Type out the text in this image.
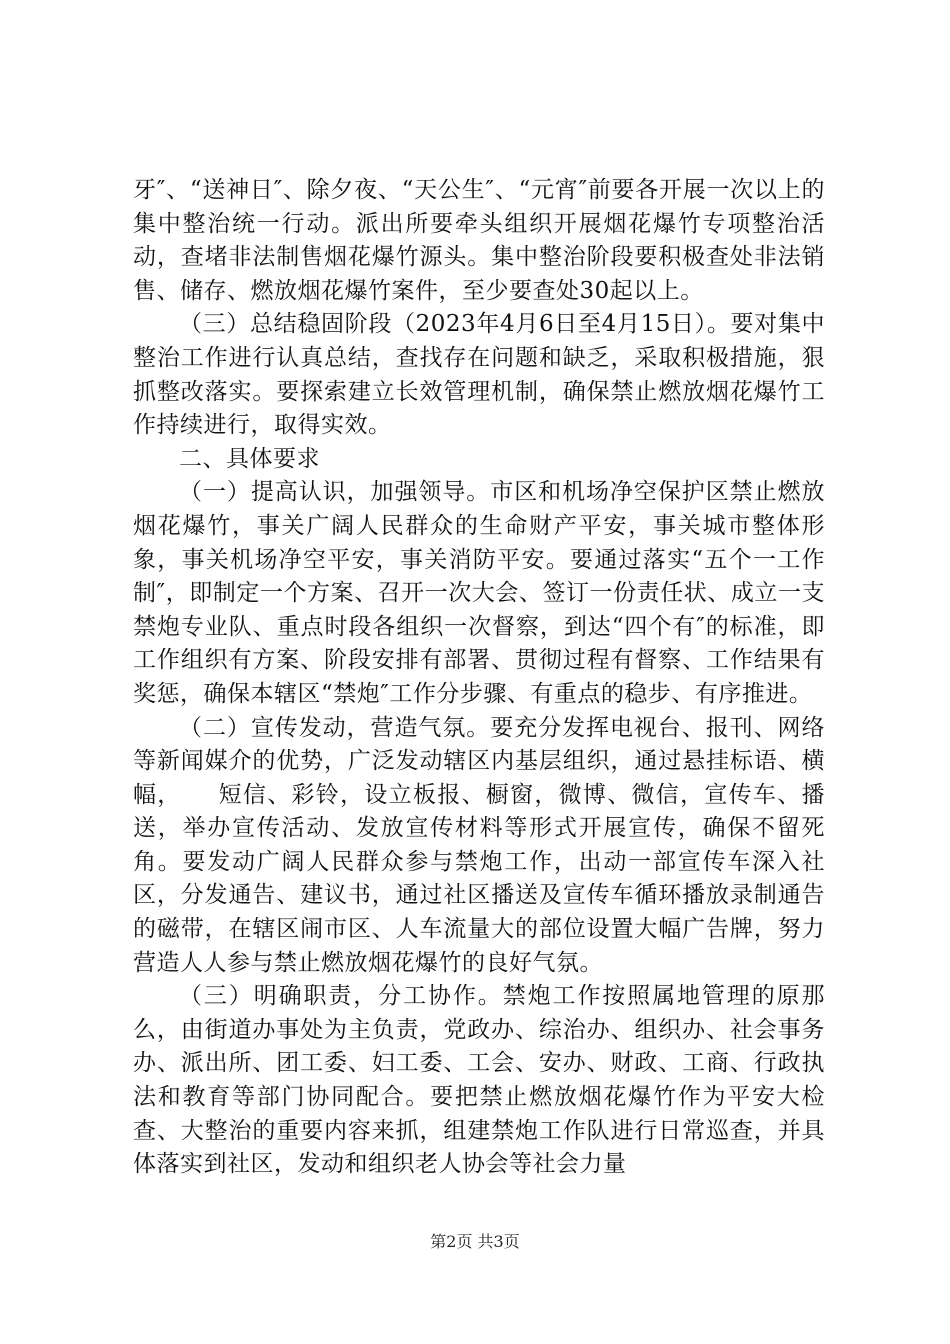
牙″、“送神日″、除夕夜、“天公生″、“元宵″前要各开展一次以上的集中整治统一行动。派出所要牵头组织开展烟花爆竹专项整治活动，查堵非法制售烟花爆竹源头。集中整治阶段要积极查处非法销售、储存、燃放烟花爆竹案件，至少要查处30起以上。

（三）总结稳固阶段（2023年4月6日至4月15日）。要对集中整治工作进行认真总结，查找存在问题和缺乏，采取积极措施，狠抓整改落实。要探索建立长效管理机制，确保禁止燃放烟花爆竹工作持续进行，取得实效。

二、具体要求

（一）提高认识，加强领导。市区和机场净空保护区禁止燃放烟花爆竹，事关广阔人民群众的生命财产平安，事关城市整体形象，事关机场净空平安，事关消防平安。要通过落实“五个一工作制″，即制定一个方案、召开一次大会、签订一份责任状、成立一支禁炮专业队、重点时段各组织一次督察，到达“四个有″的标准，即工作组织有方案、阶段安排有部署、贯彻过程有督察、工作结果有奖惩，确保本辖区“禁炮″工作分步骤、有重点的稳步、有序推进。

（二）宣传发动，营造气氛。要充分发挥电视台、报刊、网络等新闻媒介的优势，广泛发动辖区内基层组织，通过悬挂标语、横幅，　　短信、彩铃，设立板报、橱窗，微博、微信，宣传车、播送，举办宣传活动、发放宣传材料等形式开展宣传，确保不留死角。要发动广阔人民群众参与禁炮工作，出动一部宣传车深入社区，分发通告、建议书，通过社区播送及宣传车循环播放录制通告的磁带，在辖区闹市区、人车流量大的部位设置大幅广告牌，努力营造人人参与禁止燃放烟花爆竹的良好气氛。

（三）明确职责，分工协作。禁炮工作按照属地管理的原那么，由街道办事处为主负责，党政办、综治办、组织办、社会事务办、派出所、团工委、妇工委、工会、安办、财政、工商、行政执法和教育等部门协同配合。要把禁止燃放烟花爆竹作为平安大检查、大整治的重要内容来抓，组建禁炮工作队进行日常巡查，并具体落实到社区，发动和组织老人协会等社会力量

第2页 共3页
